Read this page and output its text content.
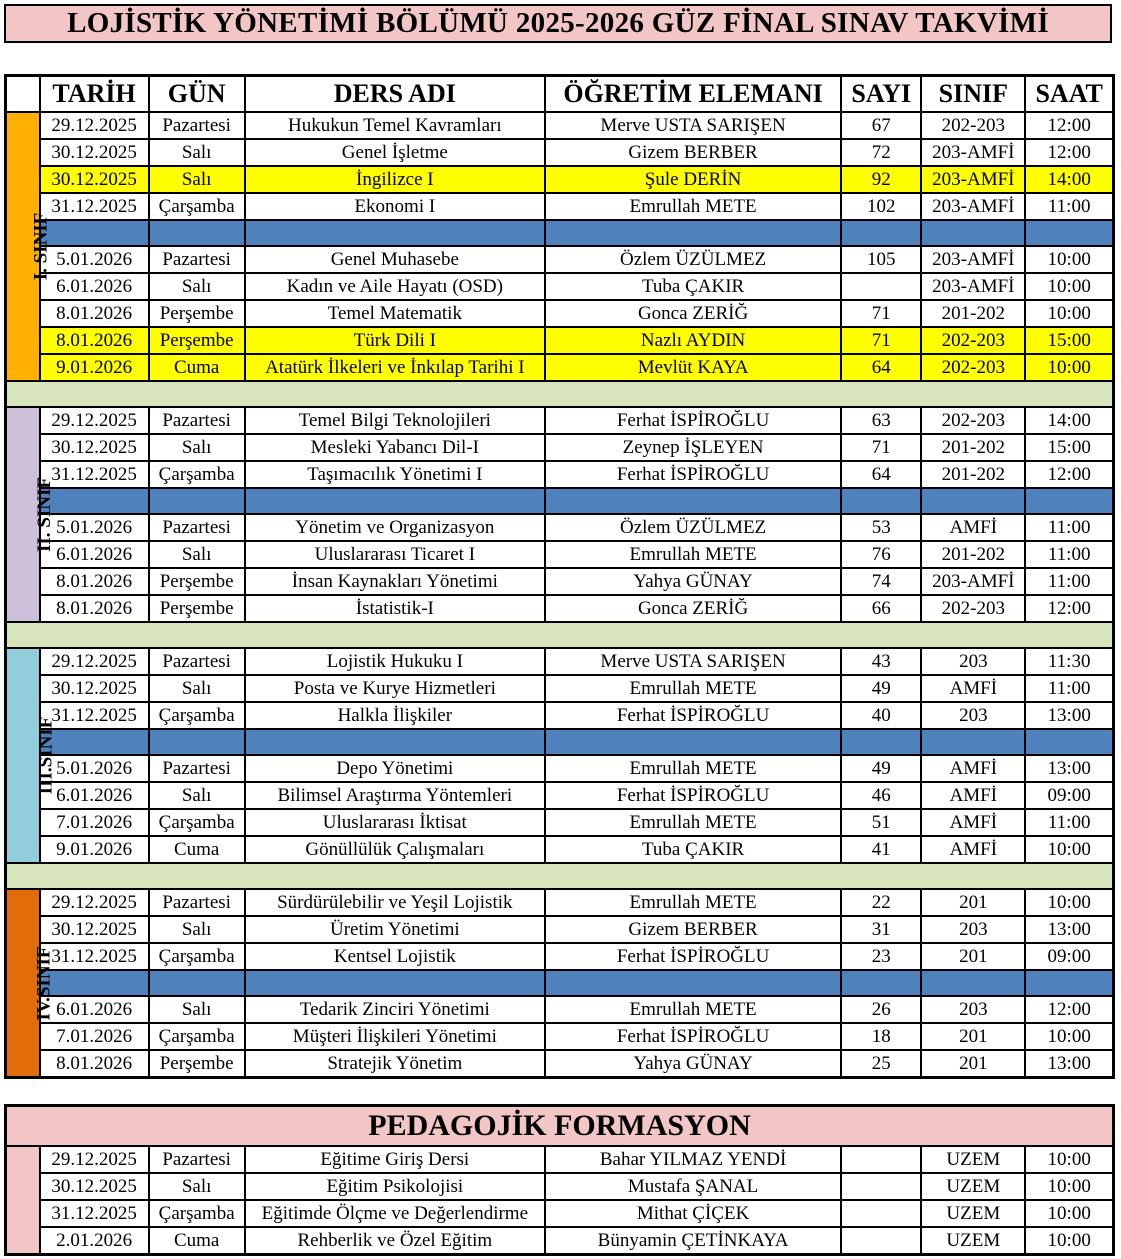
LOJİSTİK YÖNETİMİ BÖLÜMÜ 2025-2026 GÜZ FİNAL SINAV TAKVİMİ
	TARİH	GÜN	DERS ADI	ÖĞRETİM ELEMANI	SAYI	SINIF	SAAT
I. SINIF	29.12.2025	Pazartesi	Hukukun Temel Kavramları	Merve USTA SARIŞEN	67	202-203	12:00
	30.12.2025	Salı	Genel İşletme	Gizem BERBER	72	203-AMFİ	12:00
	30.12.2025	Salı	İngilizce I	Şule DERİN	92	203-AMFİ	14:00
	31.12.2025	Çarşamba	Ekonomi I	Emrullah METE	102	203-AMFİ	11:00

	5.01.2026	Pazartesi	Genel Muhasebe	Özlem ÜZÜLMEZ	105	203-AMFİ	10:00
	6.01.2026	Salı	Kadın ve Aile Hayatı (OSD)	Tuba ÇAKIR		203-AMFİ	10:00
	8.01.2026	Perşembe	Temel Matematik	Gonca ZERİĞ	71	201-202	10:00
	8.01.2026	Perşembe	Türk Dili I	Nazlı AYDIN	71	202-203	15:00
	9.01.2026	Cuma	Atatürk İlkeleri ve İnkılap Tarihi I	Mevlüt KAYA	64	202-203	10:00

II. SINIF	29.12.2025	Pazartesi	Temel Bilgi Teknolojileri	Ferhat İSPİROĞLU	63	202-203	14:00
	30.12.2025	Salı	Mesleki Yabancı Dil-I	Zeynep İŞLEYEN	71	201-202	15:00
	31.12.2025	Çarşamba	Taşımacılık Yönetimi I	Ferhat İSPİROĞLU	64	201-202	12:00

	5.01.2026	Pazartesi	Yönetim ve Organizasyon	Özlem ÜZÜLMEZ	53	AMFİ	11:00
	6.01.2026	Salı	Uluslararası Ticaret I	Emrullah METE	76	201-202	11:00
	8.01.2026	Perşembe	İnsan Kaynakları Yönetimi	Yahya GÜNAY	74	203-AMFİ	11:00
	8.01.2026	Perşembe	İstatistik-I	Gonca ZERİĞ	66	202-203	12:00

III.SINIF	29.12.2025	Pazartesi	Lojistik Hukuku I	Merve USTA SARIŞEN	43	203	11:30
	30.12.2025	Salı	Posta ve Kurye Hizmetleri	Emrullah METE	49	AMFİ	11:00
	31.12.2025	Çarşamba	Halkla İlişkiler	Ferhat İSPİROĞLU	40	203	13:00

	5.01.2026	Pazartesi	Depo Yönetimi	Emrullah METE	49	AMFİ	13:00
	6.01.2026	Salı	Bilimsel Araştırma Yöntemleri	Ferhat İSPİROĞLU	46	AMFİ	09:00
	7.01.2026	Çarşamba	Uluslararası İktisat	Emrullah METE	51	AMFİ	11:00
	9.01.2026	Cuma	Gönüllülük Çalışmaları	Tuba ÇAKIR	41	AMFİ	10:00

IV.SINIF	29.12.2025	Pazartesi	Sürdürülebilir ve Yeşil Lojistik	Emrullah METE	22	201	10:00
	30.12.2025	Salı	Üretim Yönetimi	Gizem BERBER	31	203	13:00
	31.12.2025	Çarşamba	Kentsel Lojistik	Ferhat İSPİROĞLU	23	201	09:00

	6.01.2026	Salı	Tedarik Zinciri Yönetimi	Emrullah METE	26	203	12:00
	7.01.2026	Çarşamba	Müşteri İlişkileri Yönetimi	Ferhat İSPİROĞLU	18	201	10:00
	8.01.2026	Perşembe	Stratejik Yönetim	Yahya GÜNAY	25	201	13:00
PEDAGOJİK FORMASYON							
	29.12.2025	Pazartesi	Eğitime Giriş Dersi	Bahar YILMAZ YENDİ		UZEM	10:00
	30.12.2025	Salı	Eğitim Psikolojisi	Mustafa ŞANAL		UZEM	10:00
	31.12.2025	Çarşamba	Eğitimde Ölçme ve Değerlendirme	Mithat ÇİÇEK		UZEM	10:00
	2.01.2026	Cuma	Rehberlik ve Özel Eğitim	Bünyamin ÇETİNKAYA		UZEM	10:00
